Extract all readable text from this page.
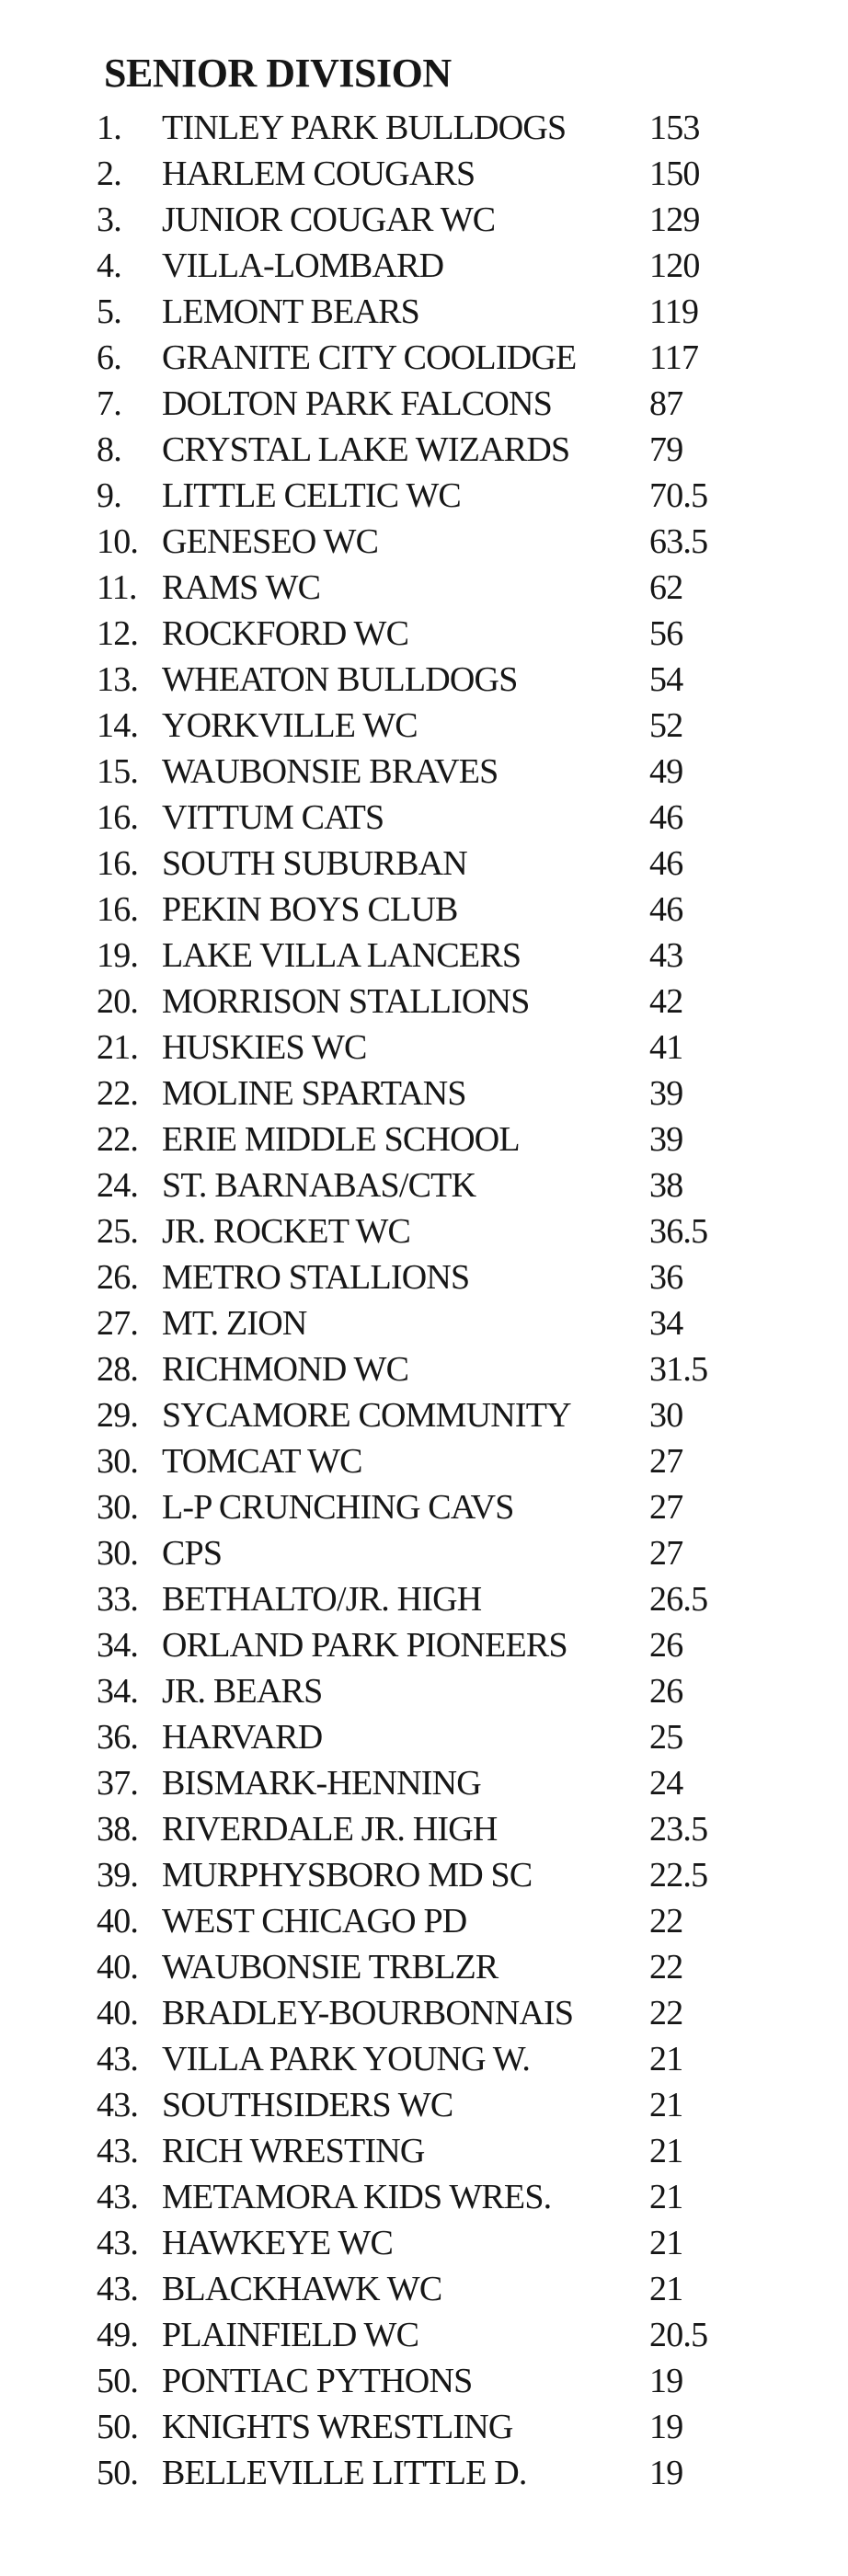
SENIOR DIVISION
1. TINLEY PARK BULLDOGS 153
2. HARLEM COUGARS	150
3. JUNIOR COUGAR WC	129
4. VILLA-LOMBARD	120
5. LEMONT BEARS	119
6. GRANITE CITY COOLIDGE 117
7. DOLTON PARK FALCONS	87
8. CRYSTAL LAKE WIZARDS 79
9. LITTLE CELTIC WC	70.5
10. GENESEO WC	63.5
11. RAMS WC	62
12. ROCKFORD WC	56
13. WHEATON BULLDOGS	54
14. YORKVILLE WC	52
15. WAUBONSIE BRAVES	49
16. VITTUM CATS	46
16. SOUTH SUBURBAN	46
16. PEKIN BOYS CLUB	46
19. LAKE VILLA LANCERS	43
20. MORRISON STALLIONS	42
21. HUSKIES WC	41
22. MOLINE SPARTANS	39
22. ERIE MIDDLE SCHOOL	39
24. ST. BARNABAS/CTK	38
25. JR. ROCKET WC	36.5
26. METRO STALLIONS	36
27. MT. ZION	34
28. RICHMOND WC	31.5
29. SYCAMORE COMMUNITY 30
30. TOMCAT WC	27
30. L-P CRUNCHING CAVS	27
30. CPS	27
33. BETHALTO/JR. HIGH	26.5
34. ORLAND PARK PIONEERS 26
34. JR. BEARS	26
36. HARVARD	25
37. BISMARK-HENNING	24
38. RIVERDALE JR. HIGH	23.5
39. MURPHYSBORO MD SC	22.5
40. WEST CHICAGO PD	22
40. WAUBONSIE TRBLZR	22
40. BRADLEY-BOURBONNAIS 22
43. VILLA PARK YOUNG W.	21
43. SOUTHSIDERS WC	21
43. RICH WRESTING	21
43. METAMORA KIDS WRES.	21
43. HAWKEYE WC	21
43. BLACKHAWK WC	21
49. PLAINFIELD WC	20.5
50. PONTIAC PYTHONS	19
50. KNIGHTS WRESTLING	19
50. BELLEVILLE LITTLE D.	19
